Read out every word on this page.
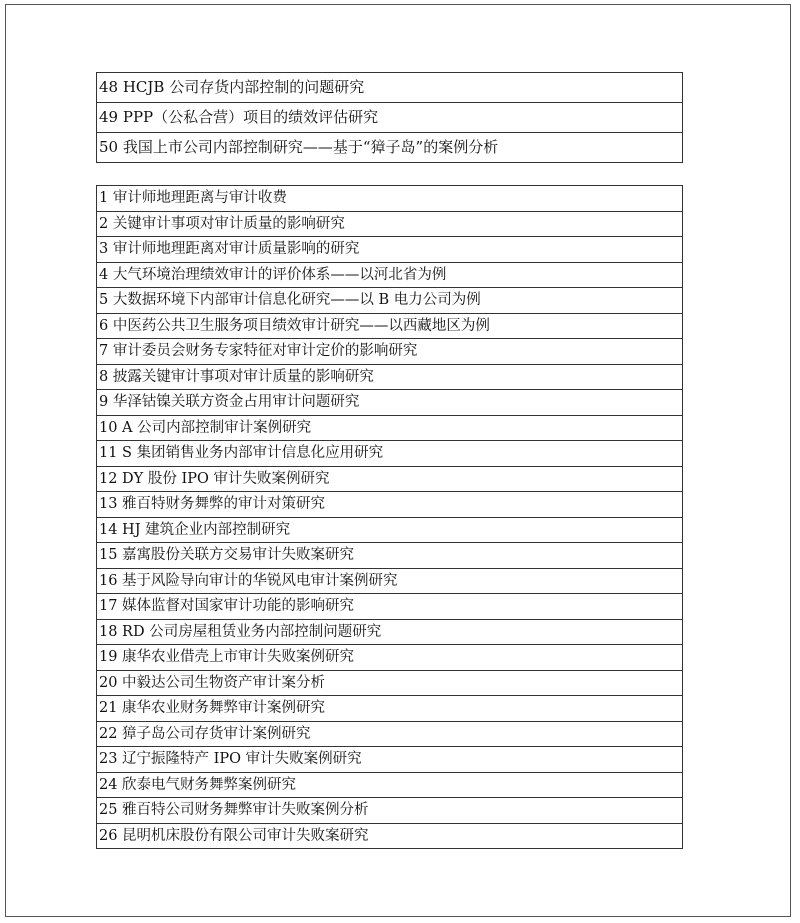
48 HCJB 公司存货内部控制的问题研究
49 PPP（公私合营）项目的绩效评估研究
50 我国上市公司内部控制研究——基于“獐子岛”的案例分析
1 审计师地理距离与审计收费
2 关键审计事项对审计质量的影响研究
3 审计师地理距离对审计质量影响的研究
4 大气环境治理绩效审计的评价体系——以河北省为例
5 大数据环境下内部审计信息化研究——以 B 电力公司为例
6 中医药公共卫生服务项目绩效审计研究——以西藏地区为例
7 审计委员会财务专家特征对审计定价的影响研究
8 披露关键审计事项对审计质量的影响研究
9 华泽钴镍关联方资金占用审计问题研究
10 A 公司内部控制审计案例研究
11 S 集团销售业务内部审计信息化应用研究
12 DY 股份 IPO 审计失败案例研究
13 雅百特财务舞弊的审计对策研究
14 HJ 建筑企业内部控制研究
15 嘉寓股份关联方交易审计失败案研究
16 基于风险导向审计的华锐风电审计案例研究
17 媒体监督对国家审计功能的影响研究
18 RD 公司房屋租赁业务内部控制问题研究
19 康华农业借壳上市审计失败案例研究
20 中毅达公司生物资产审计案分析
21 康华农业财务舞弊审计案例研究
22 獐子岛公司存货审计案例研究
23 辽宁振隆特产 IPO 审计失败案例研究
24 欣泰电气财务舞弊案例研究
25 雅百特公司财务舞弊审计失败案例分析
26 昆明机床股份有限公司审计失败案研究
